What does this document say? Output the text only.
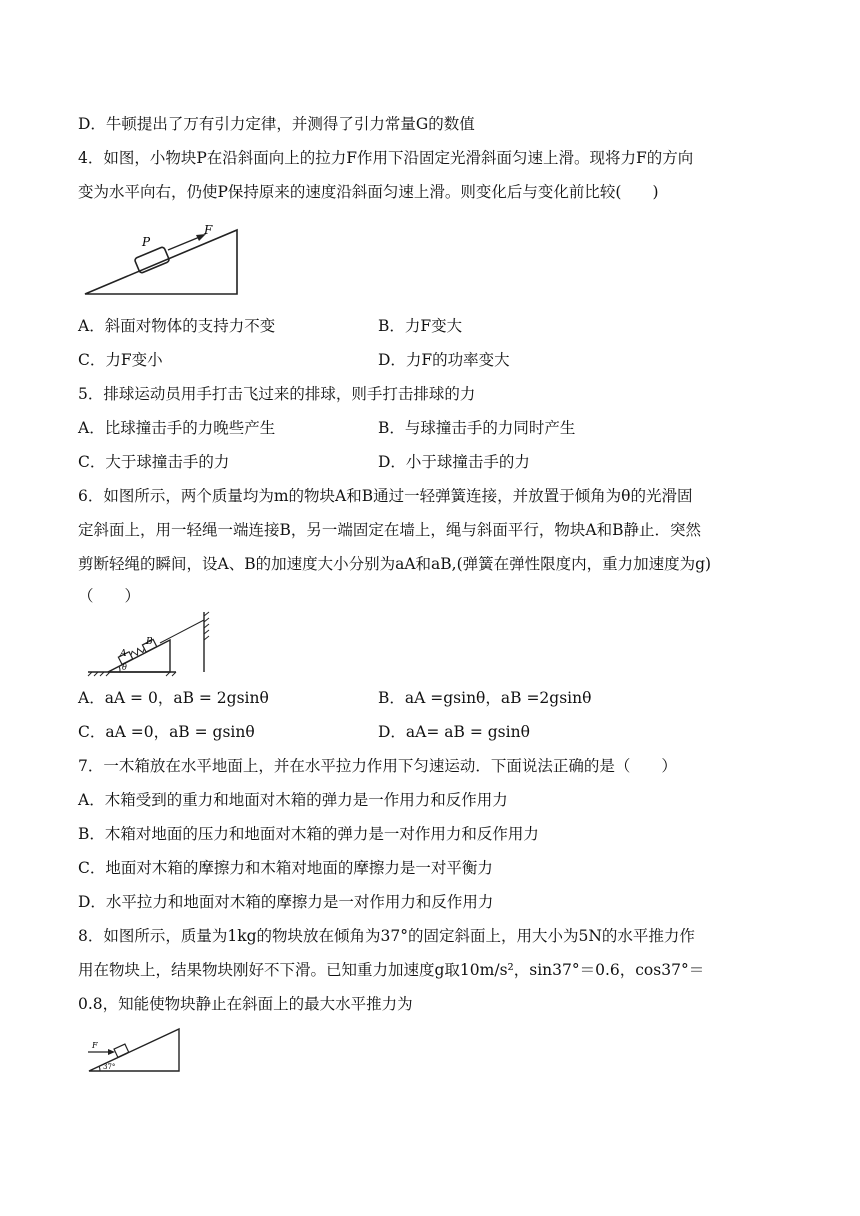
D．牛顿提出了万有引力定律，并测得了引力常量G的数值
4．如图，小物块P在沿斜面向上的拉力F作用下沿固定光滑斜面匀速上滑。现将力F的方向
变为水平向右，仍使P保持原来的速度沿斜面匀速上滑。则变化后与变化前比较(　　)
P
F
A．斜面对物体的支持力不变	B．力F变大
C．力F变小	D．力F的功率变大
5．排球运动员用手打击飞过来的排球，则手打击排球的力
A．比球撞击手的力晚些产生	B．与球撞击手的力同时产生
C．大于球撞击手的力	D．小于球撞击手的力
6．如图所示，两个质量均为m的物块A和B通过一轻弹簧连接，并放置于倾角为θ的光滑固
定斜面上，用一轻绳一端连接B，另一端固定在墙上，绳与斜面平行，物块A和B静止．突然
剪断轻绳的瞬间，设A、B的加速度大小分别为aA和aB,(弹簧在弹性限度内，重力加速度为g)
（　　）
A
B
θ
A．aA = 0，aB = 2gsinθ	B．aA =gsinθ，aB =2gsinθ
C．aA =0，aB = gsinθ	D．aA= aB = gsinθ
7．一木箱放在水平地面上，并在水平拉力作用下匀速运动．下面说法正确的是（　　）
A．木箱受到的重力和地面对木箱的弹力是一作用力和反作用力
B．木箱对地面的压力和地面对木箱的弹力是一对作用力和反作用力
C．地面对木箱的摩擦力和木箱对地面的摩擦力是一对平衡力
D．水平拉力和地面对木箱的摩擦力是一对作用力和反作用力
8．如图所示，质量为1kg的物块放在倾角为37°的固定斜面上，用大小为5N的水平推力作
用在物块上，结果物块刚好不下滑。已知重力加速度g取10m/s²，sin37°＝0.6，cos37°＝
0.8，知能使物块静止在斜面上的最大水平推力为
F
37°
